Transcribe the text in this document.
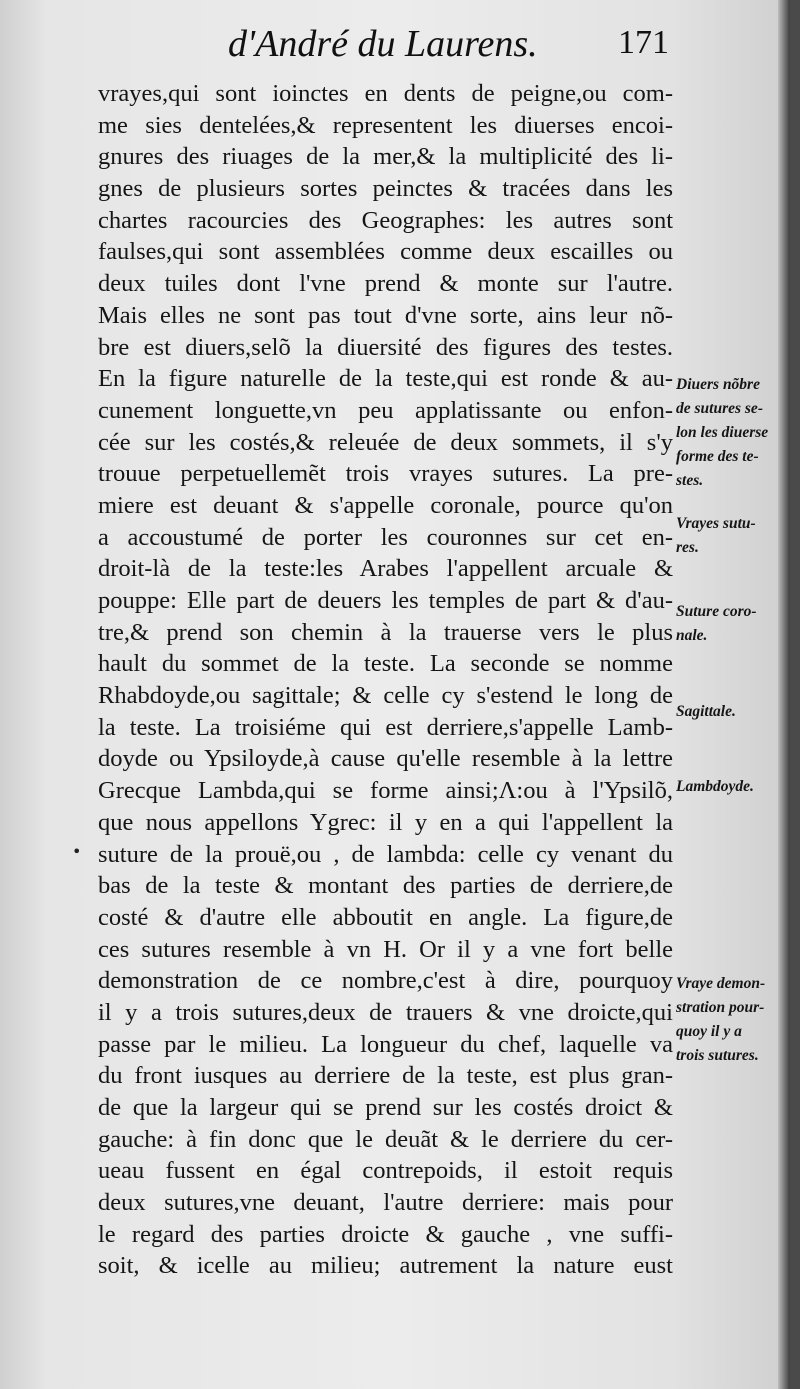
d'André du Laurens. 171
vrayes,qui sont ioinctes en dents de peigne,ou com-
me sies dentelées,& representent les diuerses encoi-
gnures des riuages de la mer,& la multiplicité des li-
gnes de plusieurs sortes peinctes & tracées dans les
chartes racourcies des Geographes: les autres sont
faulses,qui sont assemblées comme deux escailles ou
deux tuiles dont l'vne prend & monte sur l'autre.
Mais elles ne sont pas tout d'vne sorte, ains leur nõ-
bre est diuers,selõ la diuersité des figures des testes.
En la figure naturelle de la teste,qui est ronde & au-
cunement longuette,vn peu applatissante ou enfon-
cée sur les costés,& releuée de deux sommets, il s'y
trouue perpetuellemẽt trois vrayes sutures. La pre-
miere est deuant & s'appelle coronale, pource qu'on
a accoustumé de porter les couronnes sur cet en-
droit-là de la teste:les Arabes l'appellent arcuale &
pouppe: Elle part de deuers les temples de part & d'au-
tre,& prend son chemin à la trauerse vers le plus
hault du sommet de la teste. La seconde se nomme
Rhabdoyde,ou sagittale; & celle cy s'estend le long de
la teste. La troisiéme qui est derriere,s'appelle Lamb-
doyde ou Ypsiloyde,à cause qu'elle resemble à la lettre
Grecque Lambda,qui se forme ainsi;Λ:ou à l'Ypsilõ,
que nous appellons Ygrec: il y en a qui l'appellent la
suture de la prouë,ou , de lambda: celle cy venant du
bas de la teste & montant des parties de derriere,de
costé & d'autre elle abboutit en angle. La figure,de
ces sutures resemble à vn H. Or il y a vne fort belle
demonstration de ce nombre,c'est à dire, pourquoy
il y a trois sutures,deux de trauers & vne droicte,qui
passe par le milieu. La longueur du chef, laquelle va
du front iusques au derriere de la teste, est plus gran-
de que la largeur qui se prend sur les costés droict &
gauche: à fin donc que le deuãt & le derriere du cer-
ueau fussent en égal contrepoids, il estoit requis
deux sutures,vne deuant, l'autre derriere: mais pour
le regard des parties droicte & gauche , vne suffi-
soit, & icelle au milieu; autrement la nature eust
Diuers nõbre
de sutures se-
lon les diuerse
forme des te-
stes.
Vrayes sutu-
res.
Suture coro-
nale.
Sagittale.
Lambdoyde.
Vraye demon-
stration pour-
quoy il y a
trois sutures.
•
